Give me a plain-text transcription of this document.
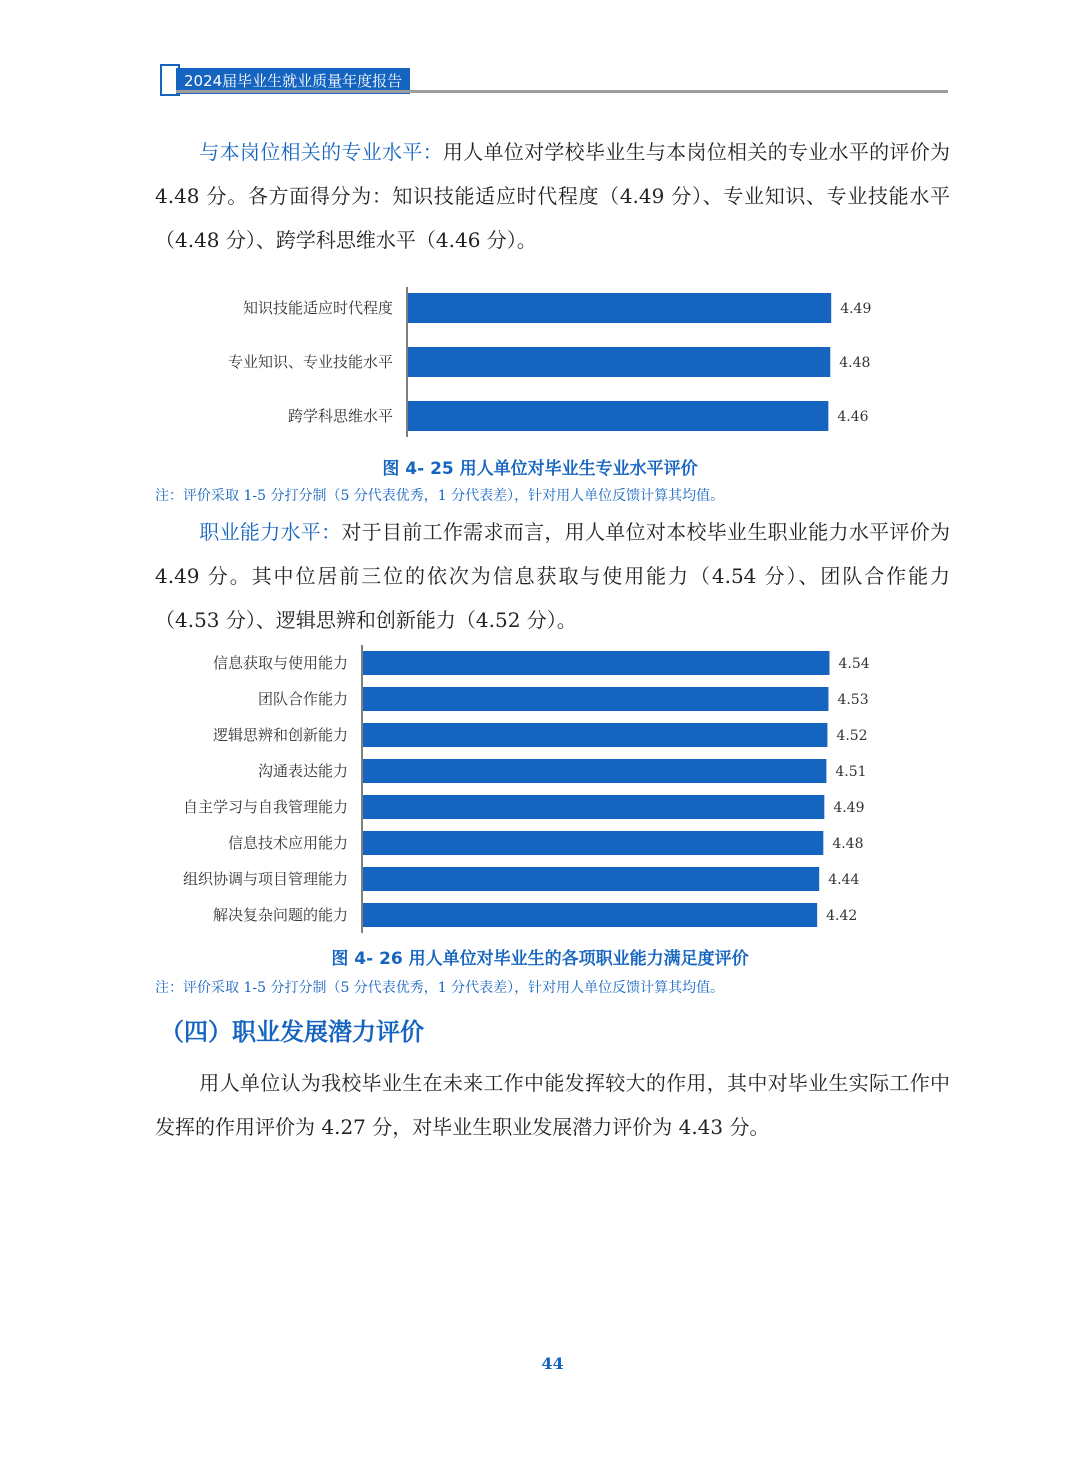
2024届毕业生就业质量年度报告

与本岗位相关的专业水平：用人单位对学校毕业生与本岗位相关的专业水平的评价为 4.48 分。各方面得分为：知识技能适应时代程度（4.49 分）、专业知识、专业技能水平（4.48 分）、跨学科思维水平（4.46 分）。

知识技能适应时代程度	4.49
专业知识、专业技能水平	4.48
跨学科思维水平	4.46
图 4- 25 用人单位对毕业生专业水平评价
注：评价采取 1-5 分打分制（5 分代表优秀，1 分代表差），针对用人单位反馈计算其均值。

职业能力水平：对于目前工作需求而言，用人单位对本校毕业生职业能力水平评价为 4.49 分。其中位居前三位的依次为信息获取与使用能力（4.54 分）、团队合作能力 （4.53 分）、逻辑思辨和创新能力（4.52 分）。

信息获取与使用能力	4.54
团队合作能力	4.53
逻辑思辨和创新能力	4.52
沟通表达能力	4.51
自主学习与自我管理能力	4.49
信息技术应用能力	4.48
组织协调与项目管理能力	4.44
解决复杂问题的能力	4.42
图 4- 26 用人单位对毕业生的各项职业能力满足度评价
注：评价采取 1-5 分打分制（5 分代表优秀，1 分代表差），针对用人单位反馈计算其均值。
（四）职业发展潜力评价

用人单位认为我校毕业生在未来工作中能发挥较大的作用，其中对毕业生实际工作中发挥的作用评价为 4.27 分，对毕业生职业发展潜力评价为 4.43 分。

44
